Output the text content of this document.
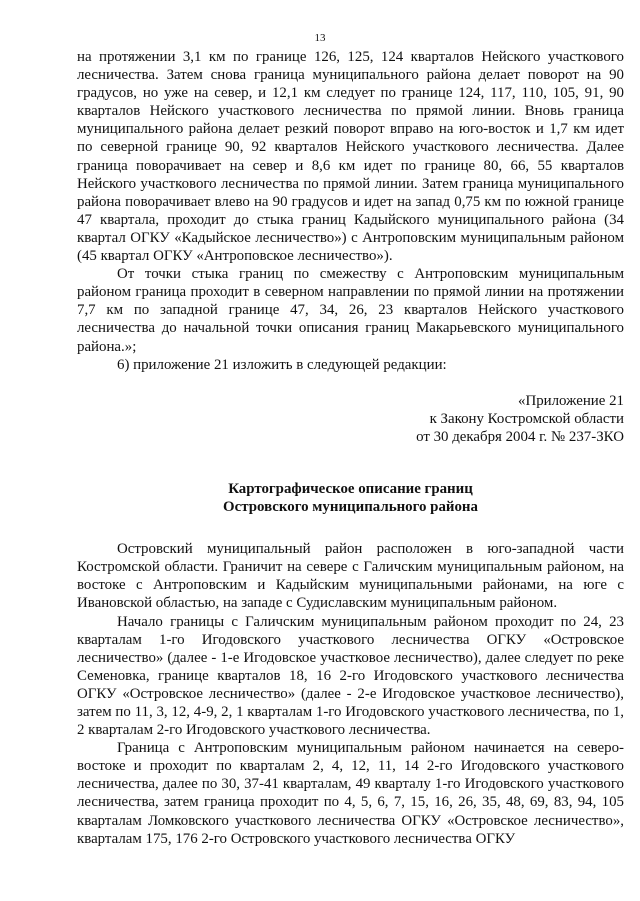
13

на протяжении 3,1 км по границе 126, 125, 124 кварталов Нейского участкового лесничества. Затем снова граница муниципального района делает поворот на 90 градусов, но уже на север, и 12,1 км следует по границе 124, 117, 110, 105, 91, 90 кварталов Нейского участкового лесничества по прямой линии. Вновь граница муниципального района делает резкий поворот вправо на юго-восток и 1,7 км идет по северной границе 90, 92 кварталов Нейского участкового лесничества. Далее граница поворачивает на север и 8,6 км идет по границе 80, 66, 55 кварталов Нейского участкового лесничества по прямой линии. Затем граница муниципального района поворачивает влево на 90 градусов и идет на запад 0,75 км по южной границе 47 квартала, проходит до стыка границ Кадыйского муниципального района (34 квартал ОГКУ «Кадыйское лесничество») с Антроповским муниципальным районом (45 квартал ОГКУ «Антроповское лесничество»).

От точки стыка границ по смежеству с Антроповским муниципальным районом граница проходит в северном направлении по прямой линии на протяжении 7,7 км по западной границе 47, 34, 26, 23 кварталов Нейского участкового лесничества до начальной точки описания границ Макарьевского муниципального района.»;

6) приложение 21 изложить в следующей редакции:

«Приложение 21
к Закону Костромской области
от 30 декабря 2004 г. № 237-ЗКО

Картографическое описание границ
Островского муниципального района

Островский муниципальный район расположен в юго-западной части Костромской области. Граничит на севере с Галичским муниципальным районом, на востоке с Антроповским и Кадыйским муниципальными районами, на юге с Ивановской областью, на западе с Судиславским муниципальным районом.

Начало границы с Галичским муниципальным районом проходит по 24, 23 кварталам 1-го Игодовского участкового лесничества ОГКУ «Островское лесничество» (далее - 1-е Игодовское участковое лесничество), далее следует по реке Семеновка, границе кварталов 18, 16 2-го Игодовского участкового лесничества ОГКУ «Островское лесничество» (далее - 2-е Игодовское участковое лесничество), затем по 11, 3, 12, 4-9, 2, 1 кварталам 1-го Игодовского участкового лесничества, по 1, 2 кварталам 2-го Игодовского участкового лесничества.

Граница с Антроповским муниципальным районом начинается на северо-востоке и проходит по кварталам 2, 4, 12, 11, 14 2-го Игодовского участкового лесничества, далее по 30, 37-41 кварталам, 49 кварталу 1-го Игодовского участкового лесничества, затем граница проходит по 4, 5, 6, 7, 15, 16, 26, 35, 48, 69, 83, 94, 105 кварталам Ломковского участкового лесничества ОГКУ «Островское лесничество», кварталам 175, 176 2-го Островского участкового лесничества ОГКУ
